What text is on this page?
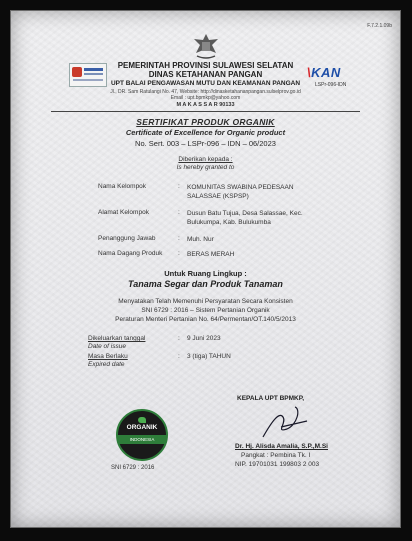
F.7.2.1.09b
PEMERINTAH PROVINSI SULAWESI SELATAN
DINAS KETAHANAN PANGAN
UPT BALAI PENGAWASAN MUTU DAN KEAMANAN PANGAN
Jl., DR. Sam Ratulangi No. 47, Website: http://dinasketahananpangan.sulselprov.go.id
Email : upt.bpmkp@yahoo.com
M A K A S S A R 90133
\KAN
LSPr-096-IDN
SERTIFIKAT PRODUK ORGANIK
Certificate of Excellence for Organic product
No. Sert. 003 – LSPr-096 – IDN – 06/2023
Diberikan kepada :
Is hereby granted to
Nama Kelompok	: KOMUNITAS SWABINA PEDESAAN SALASSAE (KSPSP)
Alamat Kelompok	: Dusun Batu Tujua, Desa Salassae, Kec. Bulukumpa, Kab. Bulukumba
Penanggung Jawab	: Muh. Nur
Nama Dagang Produk : BERAS MERAH
Untuk Ruang Lingkup :
Tanama Segar dan Produk Tanaman
Menyatakan Telah Memenuhi Persyaratan Secara Konsisten
SNI 6729 : 2016 – Sistem Pertanian Organik
Peraturan Menteri Pertanian No. 64/Permentan/OT.140/5/2013
Dikeluarkan tanggal
Date of issue
: 9 Juni 2023
Masa Berlaku
Expired date
: 3 (tiga) TAHUN
ORGANIK
INDONESIA
SNI 6729 : 2016
KEPALA UPT BPMKP,
Dr. Hj. Alisda Amalia, S.P.,M.Si
Pangkat : Pembina Tk. I
NIP. 19701031 199803 2 003
